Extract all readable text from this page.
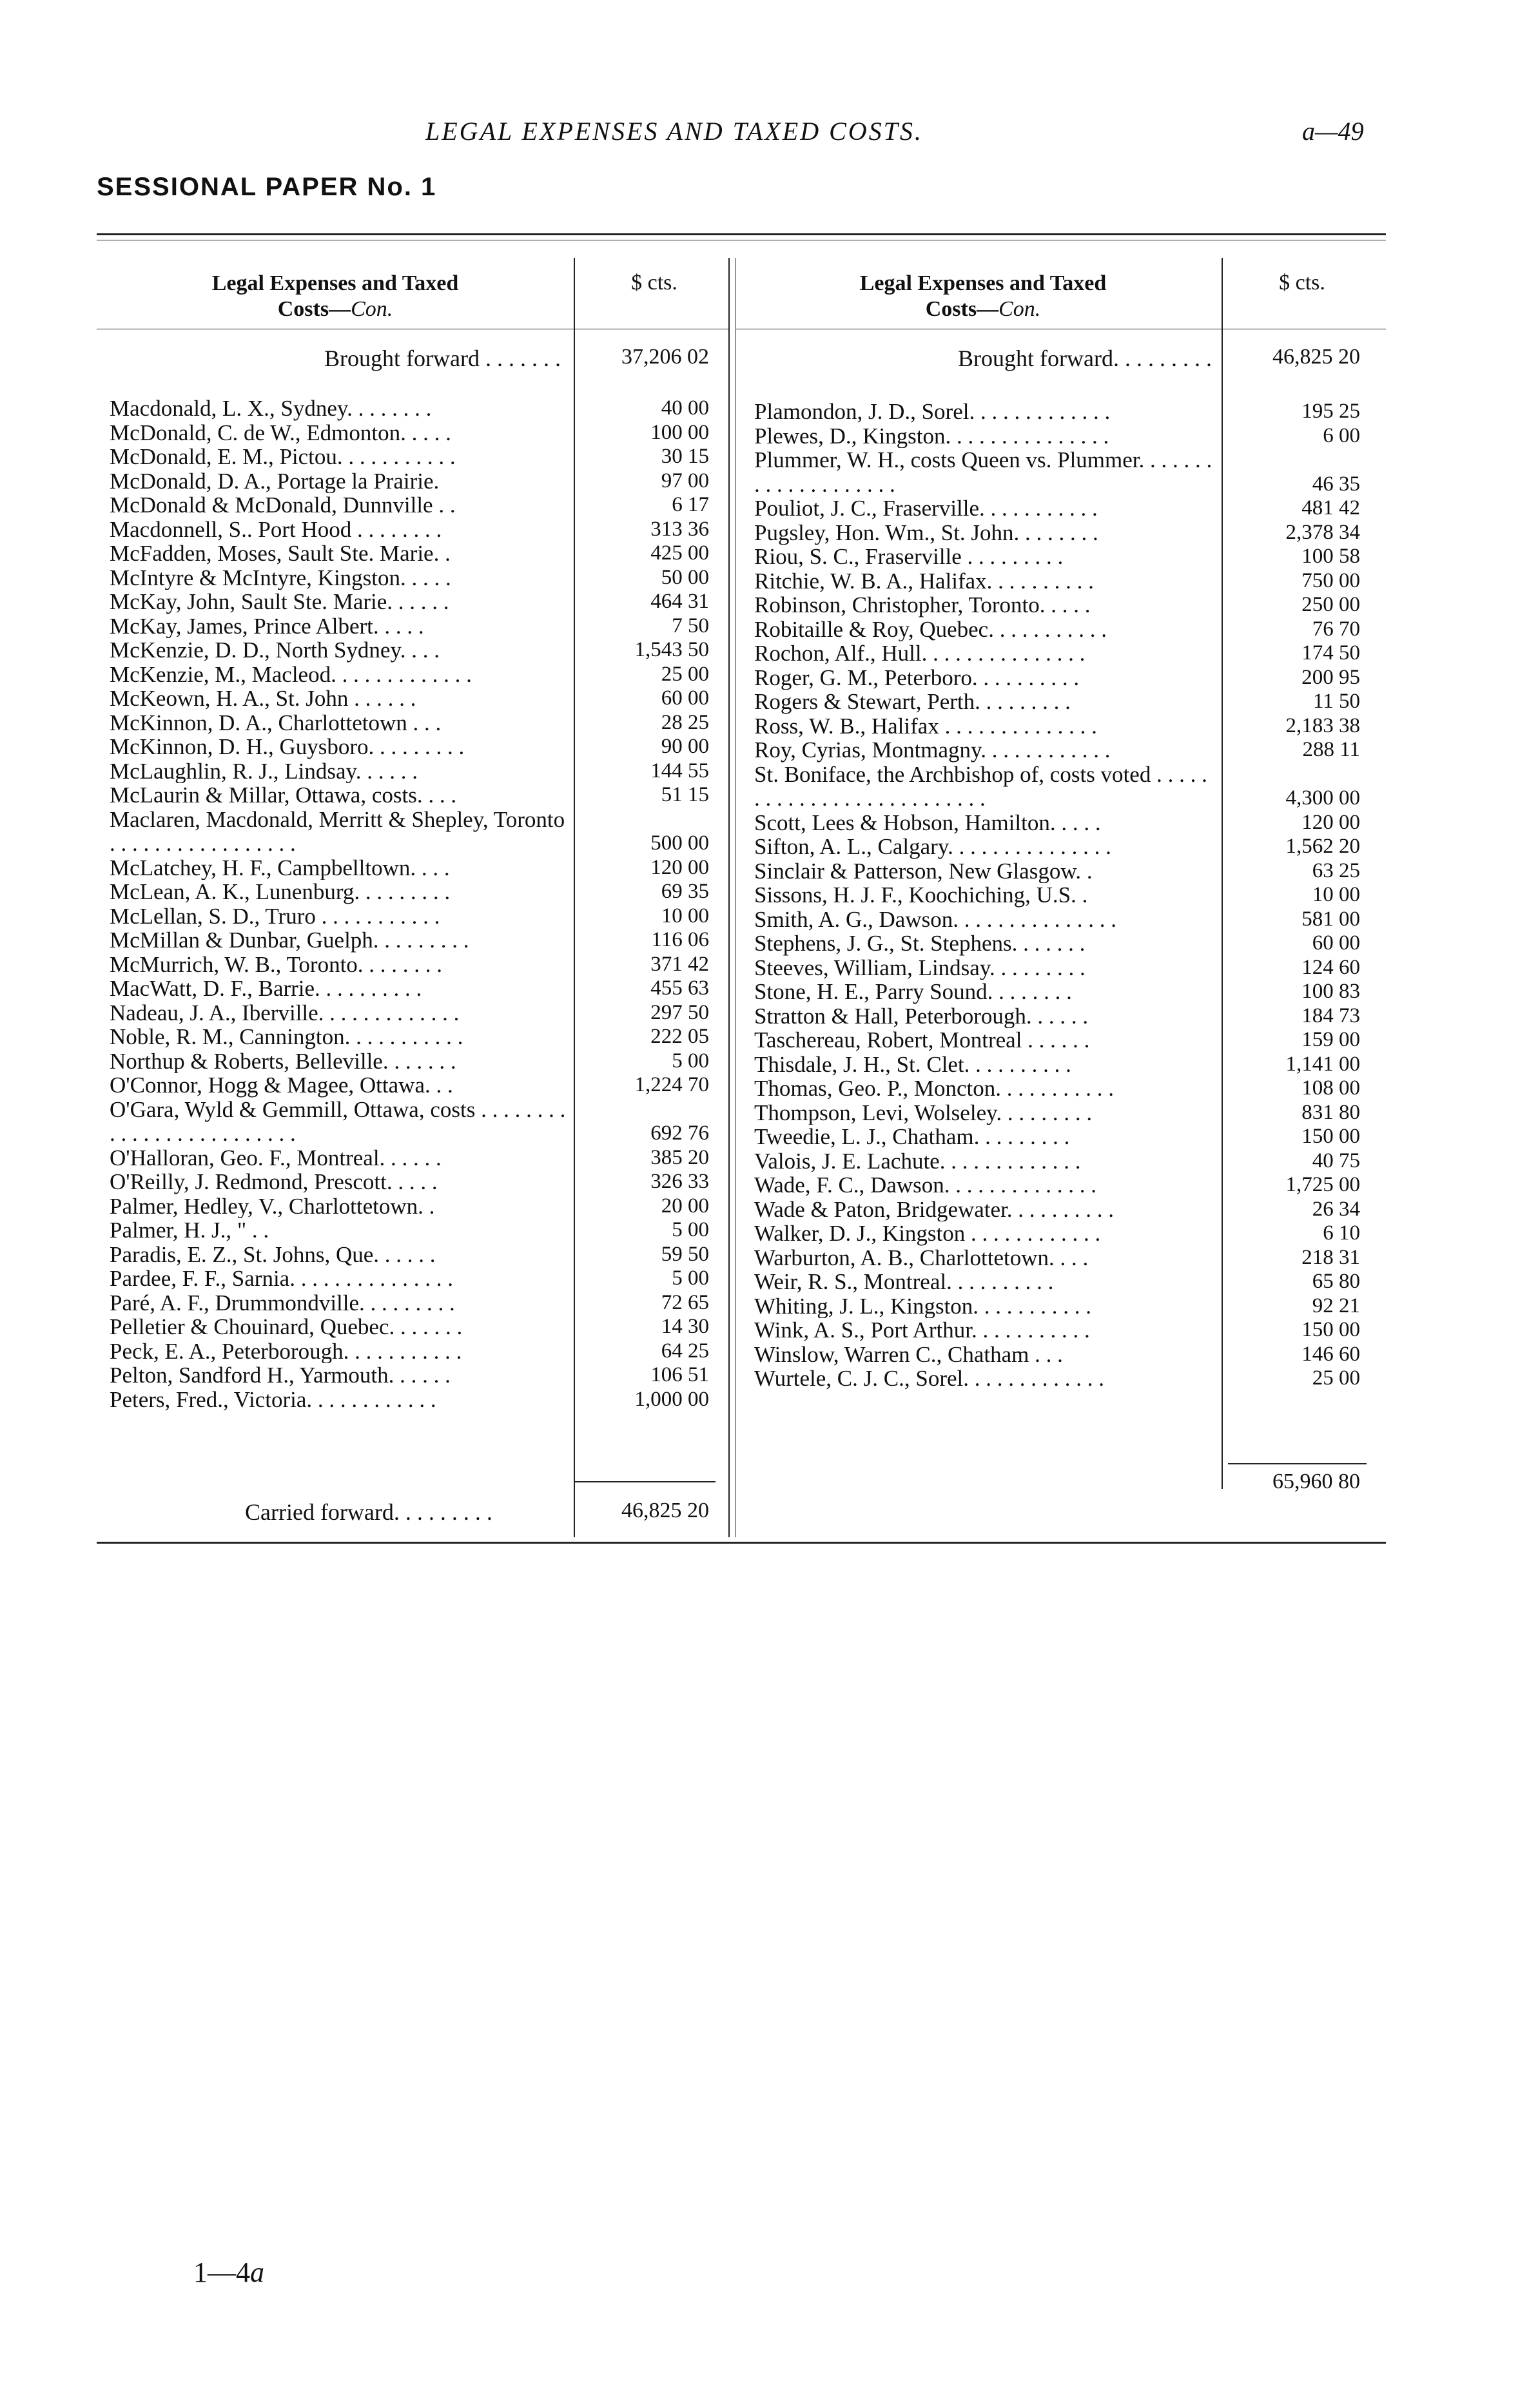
LEGAL EXPENSES AND TAXED COSTS.	a—49
SESSIONAL PAPER No. 1
Legal Expenses and Taxed
Costs—Con.
$ cts.
Brought forward . . . . . . .	37,206 02
Macdonald, L. X., Sydney. . . . . . . .	40 00
McDonald, C. de W., Edmonton. . . . .	100 00
McDonald, E. M., Pictou. . . . . . . . . . .	30 15
McDonald, D. A., Portage la Prairie.	97 00
McDonald & McDonald, Dunnville . .	6 17
Macdonnell, S.. Port Hood . . . . . . . .	313 36
McFadden, Moses, Sault Ste. Marie. .	425 00
McIntyre & McIntyre, Kingston. . . . .	50 00
McKay, John, Sault Ste. Marie. . . . . .	464 31
McKay, James, Prince Albert. . . . .	7 50
McKenzie, D. D., North Sydney. . . .	1,543 50
McKenzie, M., Macleod. . . . . . . . . . . . .	25 00
McKeown, H. A., St. John . . . . . .	60 00
McKinnon, D. A., Charlottetown . . .	28 25
McKinnon, D. H., Guysboro. . . . . . . . .	90 00
McLaughlin, R. J., Lindsay. . . . . .	144 55
McLaurin & Millar, Ottawa, costs. . . .	51 15
Maclaren, Macdonald, Merritt & Shepley, Toronto . . . . . . . . . . . . . . . . .	500 00
McLatchey, H. F., Campbelltown. . . .	120 00
McLean, A. K., Lunenburg. . . . . . . . .	69 35
McLellan, S. D., Truro . . . . . . . . . . .	10 00
McMillan & Dunbar, Guelph. . . . . . . . .	116 06
McMurrich, W. B., Toronto. . . . . . . .	371 42
MacWatt, D. F., Barrie. . . . . . . . . .	455 63
Nadeau, J. A., Iberville. . . . . . . . . . . . .	297 50
Noble, R. M., Cannington. . . . . . . . . . .	222 05
Northup & Roberts, Belleville. . . . . . .	5 00
O'Connor, Hogg & Magee, Ottawa. . .	1,224 70
O'Gara, Wyld & Gemmill, Ottawa, costs . . . . . . . . . . . . . . . . . . . . . . . . .	692 76
O'Halloran, Geo. F., Montreal. . . . . .	385 20
O'Reilly, J. Redmond, Prescott. . . . .	326 33
Palmer, Hedley, V., Charlottetown. .	20 00
Palmer, H. J., " . .	5 00
Paradis, E. Z., St. Johns, Que. . . . . .	59 50
Pardee, F. F., Sarnia. . . . . . . . . . . . . . .	5 00
Paré, A. F., Drummondville. . . . . . . . .	72 65
Pelletier & Chouinard, Quebec. . . . . . .	14 30
Peck, E. A., Peterborough. . . . . . . . . . .	64 25
Pelton, Sandford H., Yarmouth. . . . . .	106 51
Peters, Fred., Victoria. . . . . . . . . . . .	1,000 00
Carried forward. . . . . . . . .	46,825 20
Legal Expenses and Taxed
Costs—Con.
$ cts.
Brought forward. . . . . . . . .	46,825 20
Plamondon, J. D., Sorel. . . . . . . . . . . . .	195 25
Plewes, D., Kingston. . . . . . . . . . . . . . .	6 00
Plummer, W. H., costs Queen vs. Plummer. . . . . . . . . . . . . . . . . . . .	46 35
Pouliot, J. C., Fraserville. . . . . . . . . . .	481 42
Pugsley, Hon. Wm., St. John. . . . . . . .	2,378 34
Riou, S. C., Fraserville . . . . . . . . .	100 58
Ritchie, W. B. A., Halifax. . . . . . . . . .	750 00
Robinson, Christopher, Toronto. . . . .	250 00
Robitaille & Roy, Quebec. . . . . . . . . . .	76 70
Rochon, Alf., Hull. . . . . . . . . . . . . . .	174 50
Roger, G. M., Peterboro. . . . . . . . . .	200 95
Rogers & Stewart, Perth. . . . . . . . .	11 50
Ross, W. B., Halifax . . . . . . . . . . . . . .	2,183 38
Roy, Cyrias, Montmagny. . . . . . . . . . . .	288 11
St. Boniface, the Archbishop of, costs voted . . . . . . . . . . . . . . . . . . . . . . . . . .	4,300 00
Scott, Lees & Hobson, Hamilton. . . . .	120 00
Sifton, A. L., Calgary. . . . . . . . . . . . . . .	1,562 20
Sinclair & Patterson, New Glasgow. .	63 25
Sissons, H. J. F., Koochiching, U.S. .	10 00
Smith, A. G., Dawson. . . . . . . . . . . . . . .	581 00
Stephens, J. G., St. Stephens. . . . . . .	60 00
Steeves, William, Lindsay. . . . . . . . .	124 60
Stone, H. E., Parry Sound. . . . . . . .	100 83
Stratton & Hall, Peterborough. . . . . .	184 73
Taschereau, Robert, Montreal . . . . . .	159 00
Thisdale, J. H., St. Clet. . . . . . . . . .	1,141 00
Thomas, Geo. P., Moncton. . . . . . . . . . .	108 00
Thompson, Levi, Wolseley. . . . . . . . .	831 80
Tweedie, L. J., Chatham. . . . . . . . .	150 00
Valois, J. E. Lachute. . . . . . . . . . . . .	40 75
Wade, F. C., Dawson. . . . . . . . . . . . . .	1,725 00
Wade & Paton, Bridgewater. . . . . . . . . .	26 34
Walker, D. J., Kingston . . . . . . . . . . . .	6 10
Warburton, A. B., Charlottetown. . . .	218 31
Weir, R. S., Montreal. . . . . . . . . .	65 80
Whiting, J. L., Kingston. . . . . . . . . . .	92 21
Wink, A. S., Port Arthur. . . . . . . . . . .	150 00
Winslow, Warren C., Chatham . . .	146 60
Wurtele, C. J. C., Sorel. . . . . . . . . . . . .	25 00
65,960 80
1—4a
